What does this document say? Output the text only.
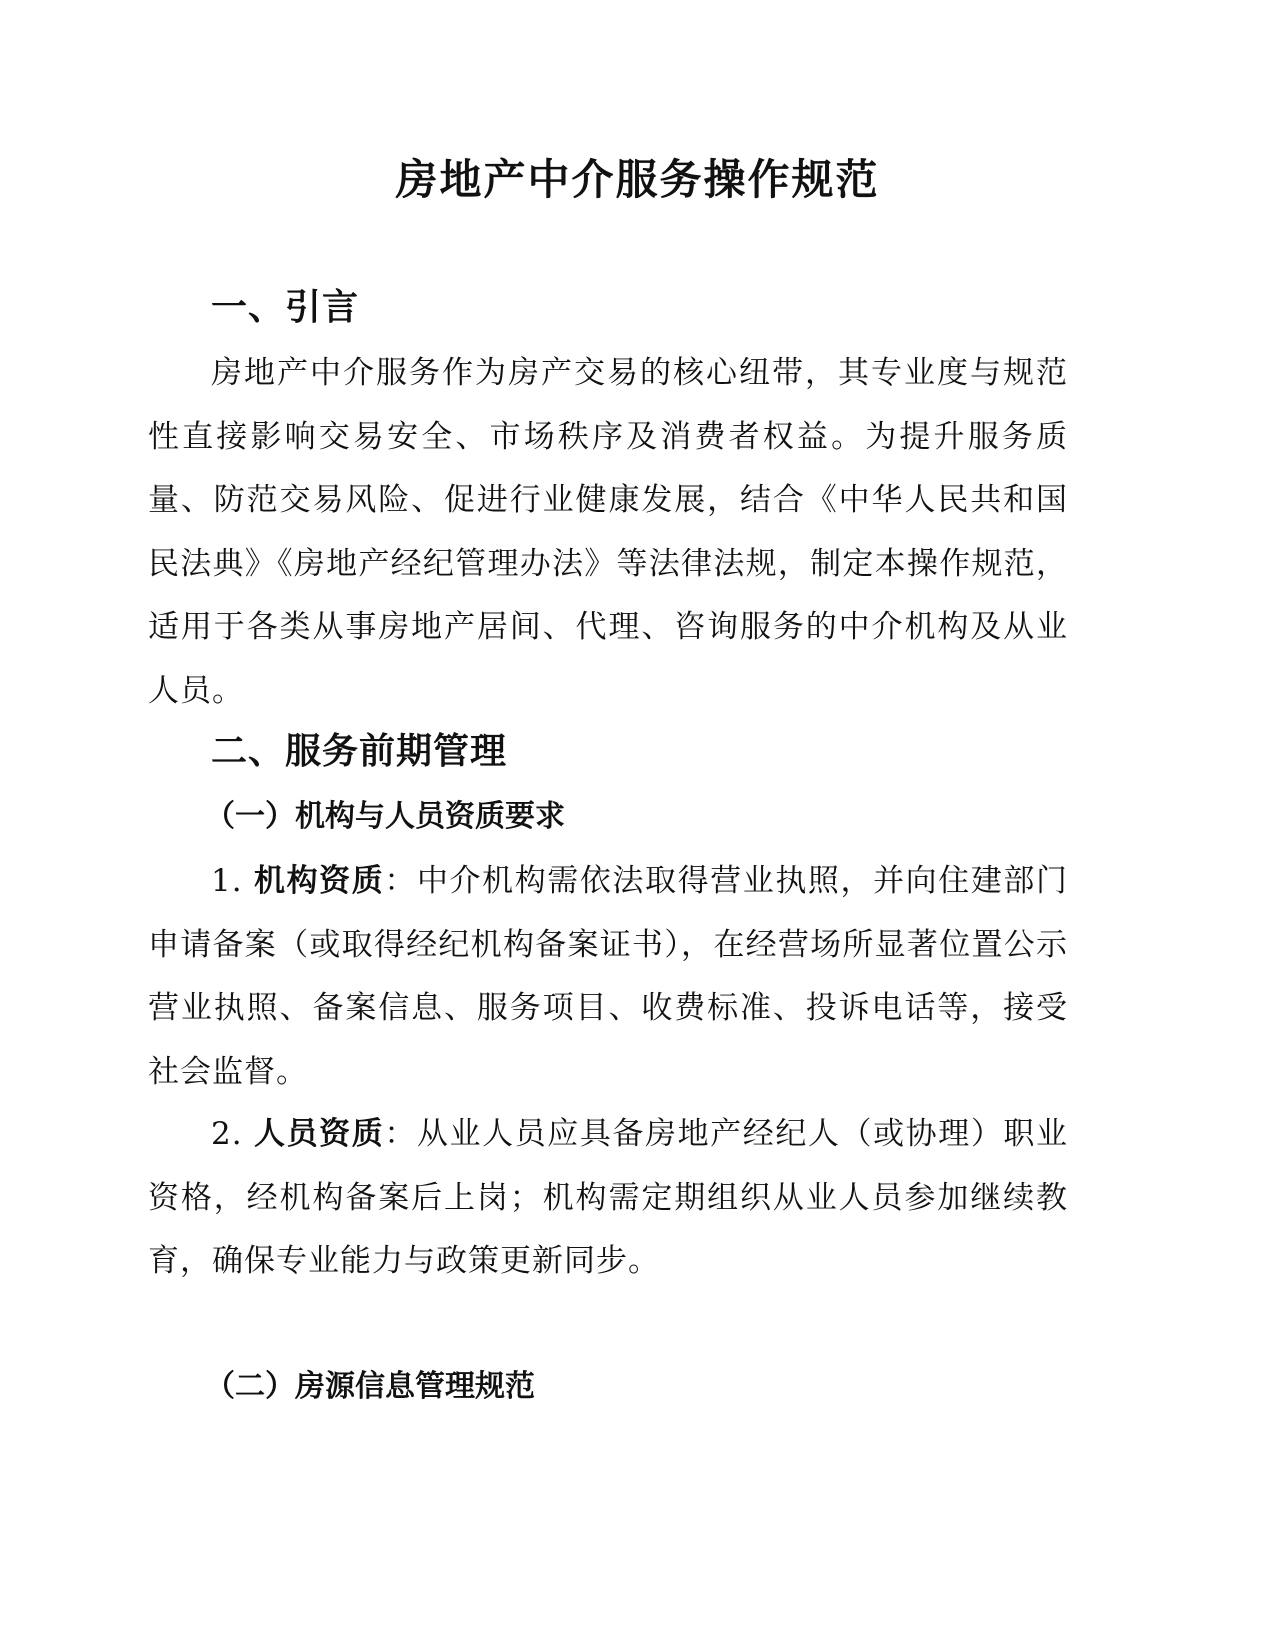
房地产中介服务操作规范
一、引言

房地产中介服务作为房产交易的核心纽带，其专业度与规范性直接影响交易安全、市场秩序及消费者权益。为提升服务质量、防范交易风险、促进行业健康发展，结合《中华人民共和国民法典》《房地产经纪管理办法》等法律法规，制定本操作规范，适用于各类从事房地产居间、代理、咨询服务的中介机构及从业人员。

二、服务前期管理
（一）机构与人员资质要求

1. 机构资质：中介机构需依法取得营业执照，并向住建部门申请备案（或取得经纪机构备案证书），在经营场所显著位置公示营业执照、备案信息、服务项目、收费标准、投诉电话等，接受社会监督。

2. 人员资质：从业人员应具备房地产经纪人（或协理）职业资格，经机构备案后上岗；机构需定期组织从业人员参加继续教育，确保专业能力与政策更新同步。

（二）房源信息管理规范
